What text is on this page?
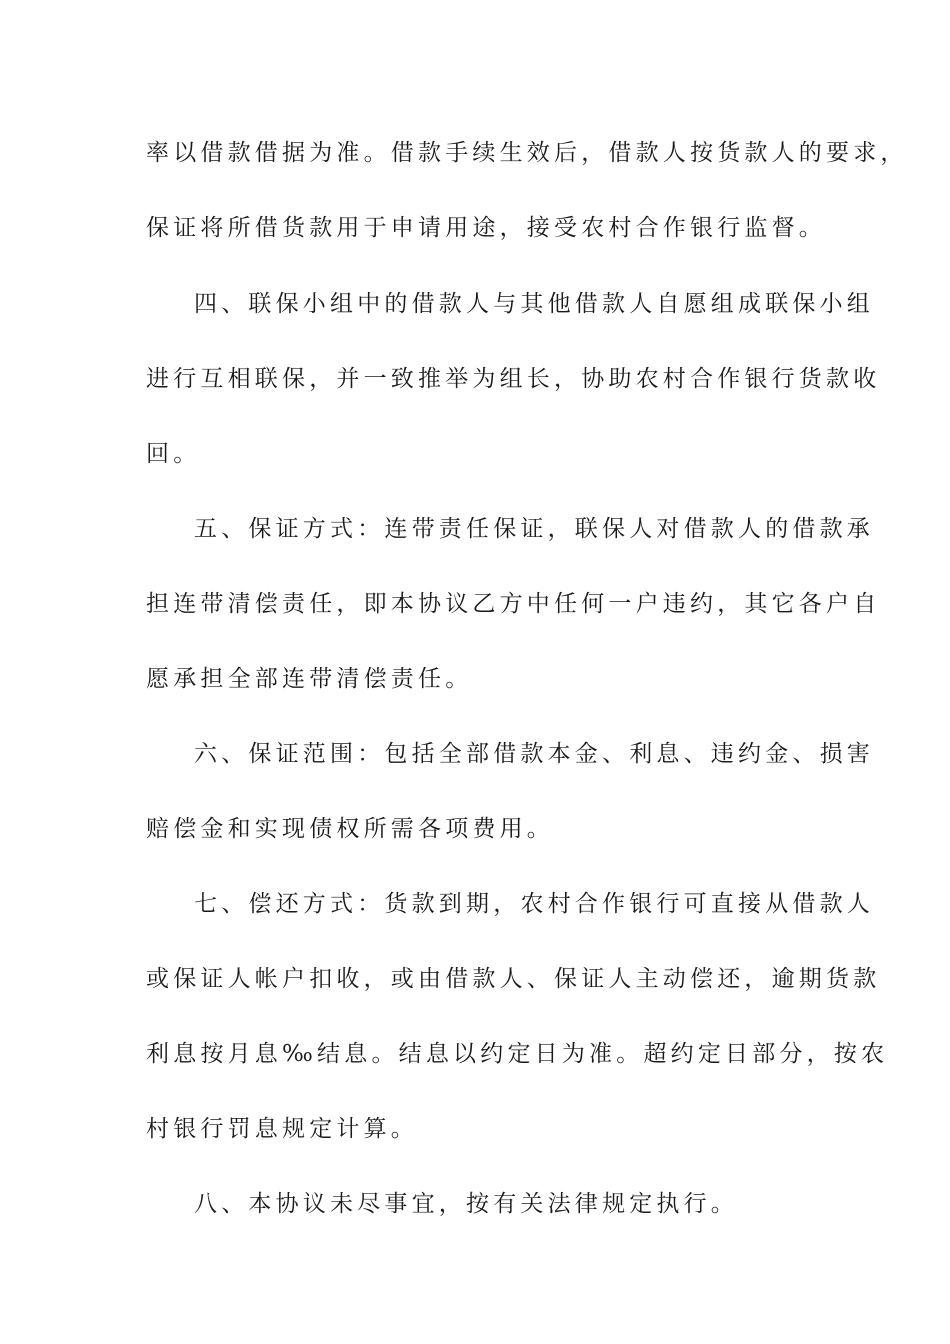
率以借款借据为准。借款手续生效后，借款人按货款人的要求，
保证将所借货款用于申请用途，接受农村合作银行监督。
四、联保小组中的借款人与其他借款人自愿组成联保小组
进行互相联保，并一致推举为组长，协助农村合作银行货款收
回。
五、保证方式：连带责任保证，联保人对借款人的借款承
担连带清偿责任，即本协议乙方中任何一户违约，其它各户自
愿承担全部连带清偿责任。
六、保证范围：包括全部借款本金、利息、违约金、损害
赔偿金和实现债权所需各项费用。
七、偿还方式：货款到期，农村合作银行可直接从借款人
或保证人帐户扣收，或由借款人、保证人主动偿还，逾期货款
利息按月息‰结息。结息以约定日为准。超约定日部分，按农
村银行罚息规定计算。
八、本协议未尽事宜，按有关法律规定执行。
